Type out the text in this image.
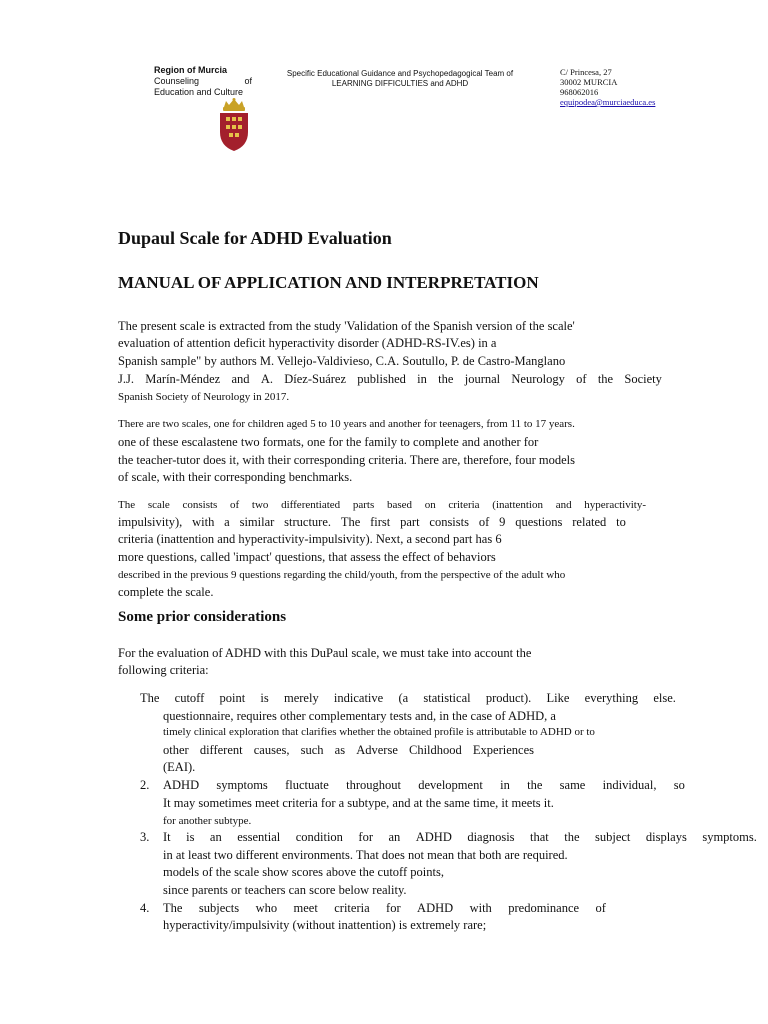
Region of Murcia
Counseling	of
Education and Culture
Specific Educational Guidance and Psychopedagogical Team of
LEARNING DIFFICULTIES and ADHD
C/ Princesa, 27
30002 MURCIA
968062016
equipodea@murciaeduca.es
Dupaul Scale for ADHD Evaluation
MANUAL OF APPLICATION AND INTERPRETATION
The present scale is extracted from the study 'Validation of the Spanish version of the scale'
evaluation of attention deficit hyperactivity disorder (ADHD-RS-IV.es) in a
Spanish sample" by authors M. Vellejo-Valdivieso, C.A. Soutullo, P. de Castro-Manglano
J.J. Marín-Méndez and A. Díez-Suárez published in the journal Neurology of the Society
Spanish Society of Neurology in 2017.
There are two scales, one for children aged 5 to 10 years and another for teenagers, from 11 to 17 years.
one of these escalastene two formats, one for the family to complete and another for
the teacher-tutor does it, with their corresponding criteria. There are, therefore, four models
of scale, with their corresponding benchmarks.
The scale consists of two differentiated parts based on criteria (inattention and hyperactivity-
impulsivity), with a similar structure. The first part consists of 9 questions related to
criteria (inattention and hyperactivity-impulsivity). Next, a second part has 6
more questions, called 'impact' questions, that assess the effect of behaviors
described in the previous 9 questions regarding the child/youth, from the perspective of the adult who
complete the scale.
Some prior considerations
For the evaluation of ADHD with this DuPaul scale, we must take into account the
following criteria:
The cutoff point is merely indicative (a statistical product). Like everything else.
questionnaire, requires other complementary tests and, in the case of ADHD, a
timely clinical exploration that clarifies whether the obtained profile is attributable to ADHD or to
other different causes, such as Adverse Childhood Experiences
(EAI).
2. ADHD symptoms fluctuate throughout development in the same individual, so
It may sometimes meet criteria for a subtype, and at the same time, it meets it.
for another subtype.
3. It is an essential condition for an ADHD diagnosis that the subject displays symptoms.
in at least two different environments. That does not mean that both are required.
models of the scale show scores above the cutoff points,
since parents or teachers can score below reality.
4. The subjects who meet criteria for ADHD with predominance of
hyperactivity/impulsivity (without inattention) is extremely rare;
